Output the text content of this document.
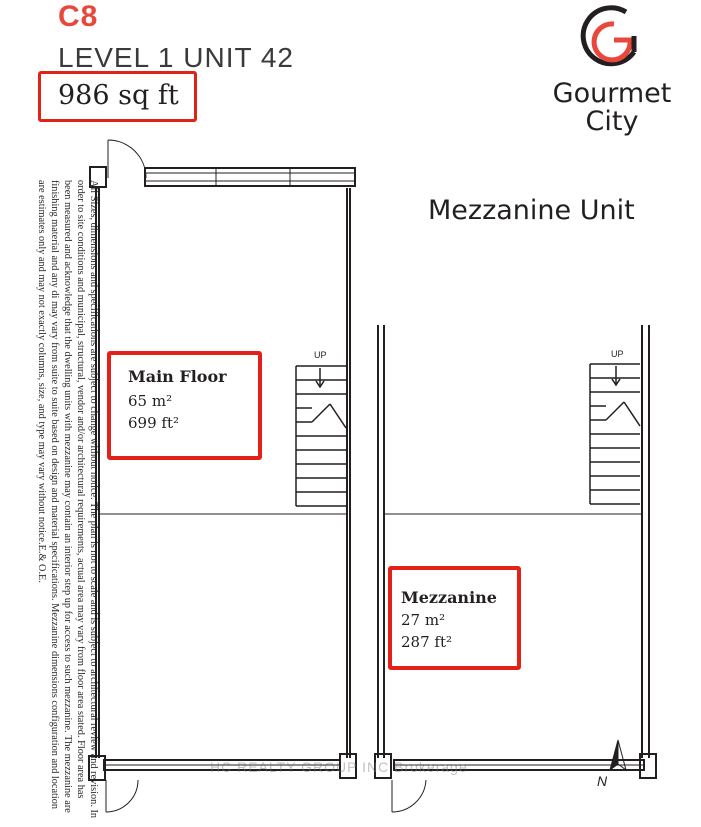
C8
LEVEL 1 UNIT 42
986 sq ft	Gourmet
City
Mezzanine Unit
All Sizes, dimensions and specifications are subject to change without notice. The plan is not to scale and is subject to architectural review and revision. In order to site conditions and municipal, structural, vendor and/or architectural requirements, actual area may vary from floor area stated. Floor area has been measured and acknowledge that the dwelling units with mezzanine may contain an interior step up for access to such mezzanine. The mezzanine are finishing material and any di may vary from suite to suite based on design and material specifications. Mezzanine dimensions configuration and location are estimates only and may not exactly columns, size, and type may vary without notice.E.& O.E.	UP	UP
N
Main Floor
65 m²
699 ft²
Mezzanine
27 m²
287 ft²
HC REALTY GROUP INC Brokerage
